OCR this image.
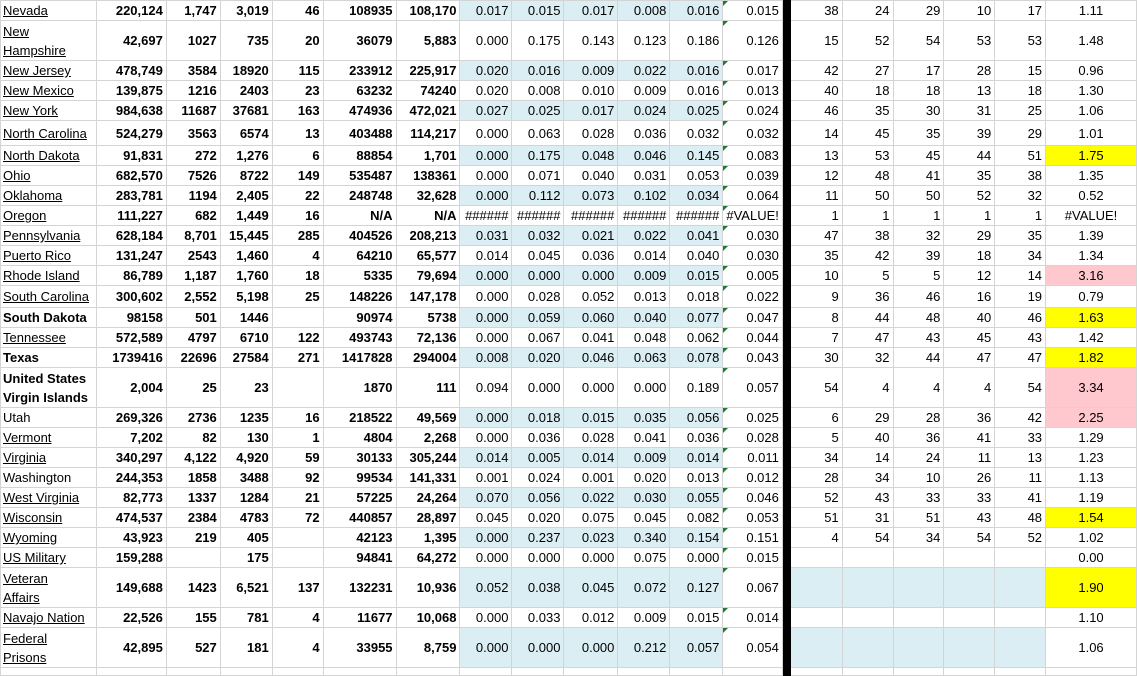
Nevada	220,124	1,747	3,019	46	108935	108,170	0.017	0.015	0.017	0.008	0.016	0.015		38	24	29	10	17	1.11
New Hampshire	42,697	1027	735	20	36079	5,883	0.000	0.175	0.143	0.123	0.186	0.126		15	52	54	53	53	1.48
New Jersey	478,749	3584	18920	115	233912	225,917	0.020	0.016	0.009	0.022	0.016	0.017		42	27	17	28	15	0.96
New Mexico	139,875	1216	2403	23	63232	74240	0.020	0.008	0.010	0.009	0.016	0.013		40	18	18	13	18	1.30
New York	984,638	11687	37681	163	474936	472,021	0.027	0.025	0.017	0.024	0.025	0.024		46	35	30	31	25	1.06
North Carolina	524,279	3563	6574	13	403488	114,217	0.000	0.063	0.028	0.036	0.032	0.032		14	45	35	39	29	1.01
North Dakota	91,831	272	1,276	6	88854	1,701	0.000	0.175	0.048	0.046	0.145	0.083		13	53	45	44	51	1.75
Ohio	682,570	7526	8722	149	535487	138361	0.000	0.071	0.040	0.031	0.053	0.039		12	48	41	35	38	1.35
Oklahoma	283,781	1194	2,405	22	248748	32,628	0.000	0.112	0.073	0.102	0.034	0.064		11	50	50	52	32	0.52
Oregon	111,227	682	1,449	16	N/A	N/A	######	######	######	######	######	#VALUE!		1	1	1	1	1	#VALUE!
Pennsylvania	628,184	8,701	15,445	285	404526	208,213	0.031	0.032	0.021	0.022	0.041	0.030		47	38	32	29	35	1.39
Puerto Rico	131,247	2543	1,460	4	64210	65,577	0.014	0.045	0.036	0.014	0.040	0.030		35	42	39	18	34	1.34
Rhode Island	86,789	1,187	1,760	18	5335	79,694	0.000	0.000	0.000	0.009	0.015	0.005		10	5	5	12	14	3.16
South Carolina	300,602	2,552	5,198	25	148226	147,178	0.000	0.028	0.052	0.013	0.018	0.022		9	36	46	16	19	0.79
South Dakota	98158	501	1446		90974	5738	0.000	0.059	0.060	0.040	0.077	0.047		8	44	48	40	46	1.63
Tennessee	572,589	4797	6710	122	493743	72,136	0.000	0.067	0.041	0.048	0.062	0.044		7	47	43	45	43	1.42
Texas	1739416	22696	27584	271	1417828	294004	0.008	0.020	0.046	0.063	0.078	0.043		30	32	44	47	47	1.82
United States Virgin Islands	2,004	25	23		1870	111	0.094	0.000	0.000	0.000	0.189	0.057		54	4	4	4	54	3.34
Utah	269,326	2736	1235	16	218522	49,569	0.000	0.018	0.015	0.035	0.056	0.025		6	29	28	36	42	2.25
Vermont	7,202	82	130	1	4804	2,268	0.000	0.036	0.028	0.041	0.036	0.028		5	40	36	41	33	1.29
Virginia	340,297	4,122	4,920	59	30133	305,244	0.014	0.005	0.014	0.009	0.014	0.011		34	14	24	11	13	1.23
Washington	244,353	1858	3488	92	99534	141,331	0.001	0.024	0.001	0.020	0.013	0.012		28	34	10	26	11	1.13
West Virginia	82,773	1337	1284	21	57225	24,264	0.070	0.056	0.022	0.030	0.055	0.046		52	43	33	33	41	1.19
Wisconsin	474,537	2384	4783	72	440857	28,897	0.045	0.020	0.075	0.045	0.082	0.053		51	31	51	43	48	1.54
Wyoming	43,923	219	405		42123	1,395	0.000	0.237	0.023	0.340	0.154	0.151		4	54	34	54	52	1.02
US Military	159,288		175		94841	64,272	0.000	0.000	0.000	0.075	0.000	0.015							0.00
Veteran Affairs	149,688	1423	6,521	137	132231	10,936	0.052	0.038	0.045	0.072	0.127	0.067							1.90
Navajo Nation	22,526	155	781	4	11677	10,068	0.000	0.033	0.012	0.009	0.015	0.014							1.10
Federal Prisons	42,895	527	181	4	33955	8,759	0.000	0.000	0.000	0.212	0.057	0.054							1.06
